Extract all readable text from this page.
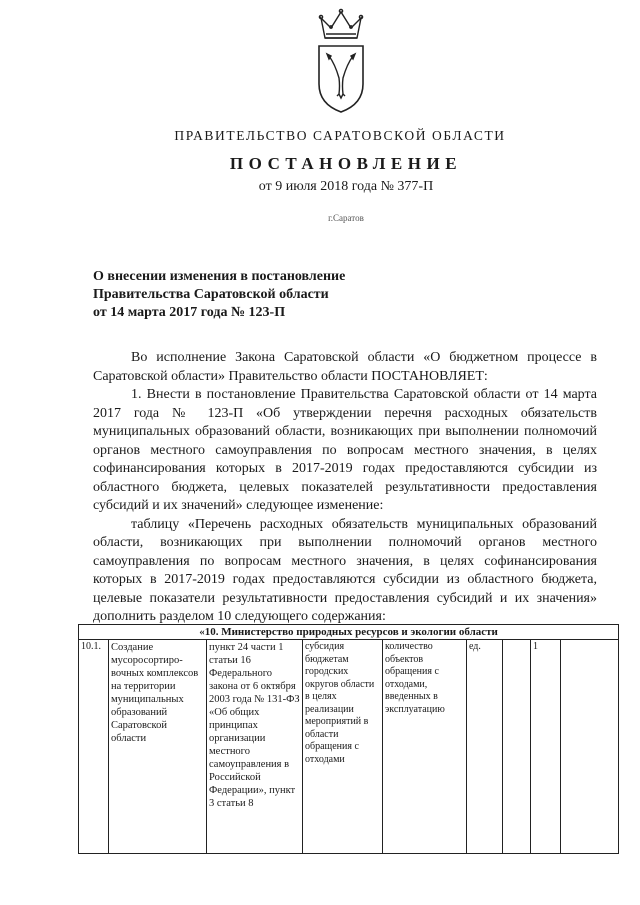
ПРАВИТЕЛЬСТВО САРАТОВСКОЙ ОБЛАСТИ
ПОСТАНОВЛЕНИЕ
от 9 июля 2018 года № 377-П
г.Саратов
О внесении изменения в постановление
Правительства Саратовской области
от 14 марта 2017 года № 123-П

Во исполнение Закона Саратовской области «О бюджетном процессе в Саратовской области» Правительство области ПОСТАНОВЛЯЕТ:

1. Внести в постановление Правительства Саратовской области от 14 марта 2017 года № 123-П «Об утверждении перечня расходных обязательств муниципальных образований области, возникающих при выполнении полномочий органов местного самоуправления по вопросам местного значения, в целях софинансирования которых в 2017-2019 годах предоставляются субсидии из областного бюджета, целевых показателей результативности предоставления субсидий и их значений» следующее изменение:

таблицу «Перечень расходных обязательств муниципальных образований области, возникающих при выполнении полномочий органов местного самоуправления по вопросам местного значения, в целях софинансирования которых в 2017-2019 годах предоставляются субсидии из областного бюджета, целевые показатели результативности предоставления субсидий и их значения» дополнить разделом 10 следующего содержания:

«10. Министерство природных ресурсов и экологии области
10.1.	Создание мусоросортиро-вочных комплексов на территории муниципальных образований Саратовской области	пункт 24 части 1 статьи 16 Федерального закона от 6 октября 2003 года № 131-ФЗ «Об общих принципах организации местного самоуправления в Российской Федерации», пункт 3 статьи 8	субсидия бюджетам городских округов области в целях реализации мероприятий в области обращения с отходами	количество объектов обращения с отходами, введенных в эксплуатацию	ед.		1	
